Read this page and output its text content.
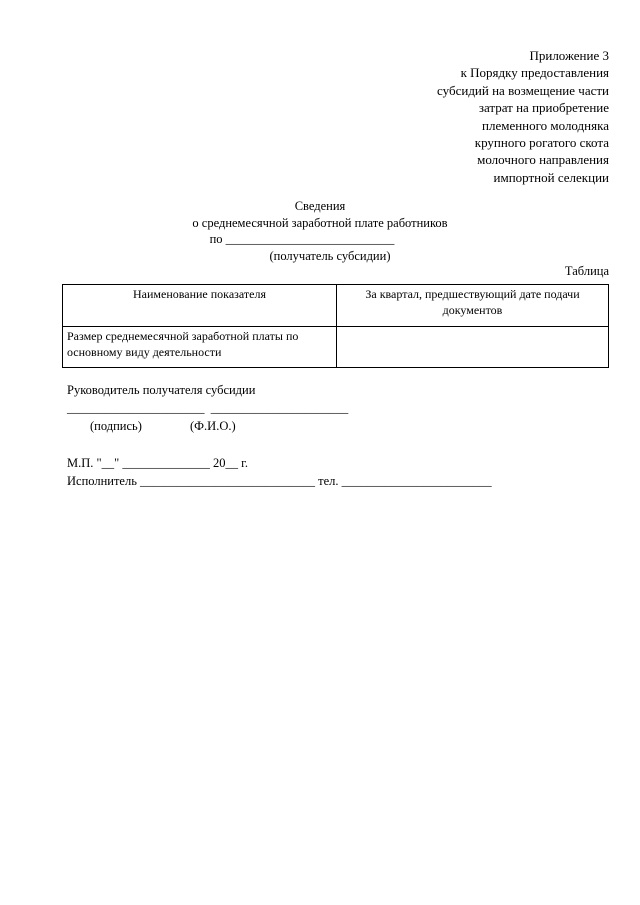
Приложение 3
к Порядку предоставления
субсидий на возмещение части
затрат на приобретение
племенного молодняка
крупного рогатого скота
молочного направления
импортной селекции
Сведения
о среднемесячной заработной плате работников
по ___________________________
(получатель субсидии)
Таблица
Наименование показателя	За квартал, предшествующий дате подачи документов
Размер среднемесячной заработной платы по основному виду деятельности	
Руководитель получателя субсидии
______________________  ______________________
(подпись)	(Ф.И.О.)
М.П. "__" ______________ 20__ г.
Исполнитель ____________________________ тел. ________________________
